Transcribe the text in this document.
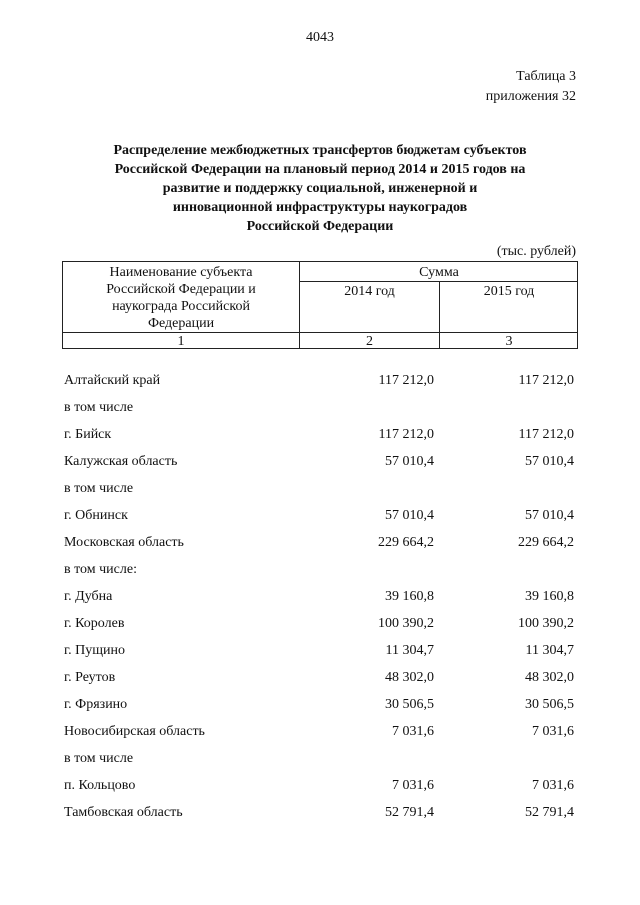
4043
Таблица 3
приложения 32
Распределение межбюджетных трансфертов бюджетам субъектов
Российской Федерации на плановый период 2014 и 2015 годов на
развитие и поддержку социальной, инженерной и
инновационной инфраструктуры наукоградов
Российской Федерации
(тыс. рублей)
Наименование субъекта
Российской Федерации и
наукограда Российской
Федерации
Сумма
2014 год	2015 год
1	2	3
Алтайский край	117 212,0	117 212,0
в том числе
г. Бийск	117 212,0	117 212,0
Калужская область	57 010,4	57 010,4
в том числе
г. Обнинск	57 010,4	57 010,4
Московская область	229 664,2	229 664,2
в том числе:
г. Дубна	39 160,8	39 160,8
г. Королев	100 390,2	100 390,2
г. Пущино	11 304,7	11 304,7
г. Реутов	48 302,0	48 302,0
г. Фрязино	30 506,5	30 506,5
Новосибирская область	7 031,6	7 031,6
в том числе
п. Кольцово	7 031,6	7 031,6
Тамбовская область	52 791,4	52 791,4
